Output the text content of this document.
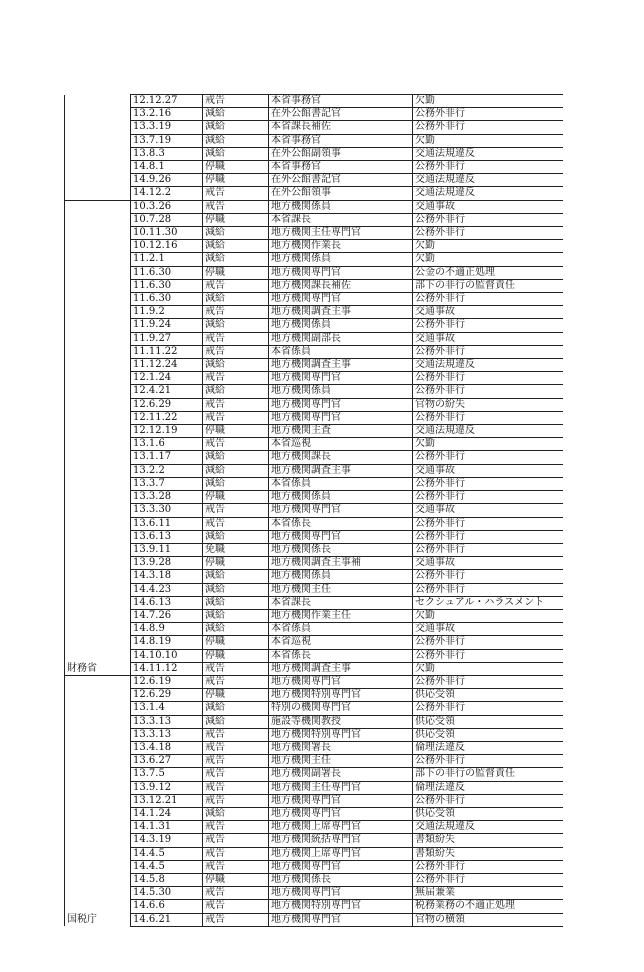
	12.12.27	戒告	本省事務官	欠勤
	13.2.16	減給	在外公館書記官	公務外非行
	13.3.19	減給	本省課長補佐	公務外非行
	13.7.19	減給	本省事務官	欠勤
	13.8.3	減給	在外公館副領事	交通法規違反
	14.8.1	停職	本省事務官	公務外非行
	14.9.26	停職	在外公館書記官	交通法規違反
	14.12.2	戒告	在外公館領事	交通法規違反

財務省	10.3.26	戒告	地方機関係員	交通事故
	10.7.28	停職	本省課長	公務外非行
	10.11.30	減給	地方機関主任専門官	公務外非行
	10.12.16	減給	地方機関作業長	欠勤
	11.2.1	減給	地方機関係員	欠勤
	11.6.30	停職	地方機関専門官	公金の不適正処理
	11.6.30	戒告	地方機関課長補佐	部下の非行の監督責任
	11.6.30	減給	地方機関専門官	公務外非行
	11.9.2	戒告	地方機関調査主事	交通事故
	11.9.24	減給	地方機関係員	公務外非行
	11.9.27	戒告	地方機関副部長	交通事故
	11.11.22	戒告	本省係員	公務外非行
	11.12.24	減給	地方機関調査主事	交通法規違反
	12.1.24	戒告	地方機関専門官	公務外非行
	12.4.21	減給	地方機関係員	公務外非行
	12.6.29	戒告	地方機関専門官	官物の紛失
	12.11.22	戒告	地方機関専門官	公務外非行
	12.12.19	停職	地方機関主査	交通法規違反
	13.1.6	戒告	本省巡視	欠勤
	13.1.17	減給	地方機関課長	公務外非行
	13.2.2	減給	地方機関調査主事	交通事故
	13.3.7	減給	本省係員	公務外非行
	13.3.28	停職	地方機関係員	公務外非行
	13.3.30	戒告	地方機関専門官	交通事故
	13.6.11	戒告	本省係長	公務外非行
	13.6.13	減給	地方機関専門官	公務外非行
	13.9.11	免職	地方機関係長	公務外非行
	13.9.28	停職	地方機関調査主事補	交通事故
	14.3.18	減給	地方機関係員	公務外非行
	14.4.23	減給	地方機関主任	公務外非行
	14.6.13	減給	本省課長	セクシュアル・ハラスメント
	14.7.26	減給	地方機関作業主任	欠勤
	14.8.9	減給	本省係員	交通事故
	14.8.19	停職	本省巡視	公務外非行
	14.10.10	停職	本省係長	公務外非行
	14.11.12	戒告	地方機関調査主事	欠勤

国税庁	12.6.19	戒告	地方機関専門官	公務外非行
	12.6.29	停職	地方機関特別専門官	供応受領
	13.1.4	減給	特別の機関専門官	公務外非行
	13.3.13	減給	施設等機関教授	供応受領
	13.3.13	戒告	地方機関特別専門官	供応受領
	13.4.18	戒告	地方機関署長	倫理法違反
	13.6.27	戒告	地方機関主任	公務外非行
	13.7.5	戒告	地方機関副署長	部下の非行の監督責任
	13.9.12	戒告	地方機関主任専門官	倫理法違反
	13.12.21	戒告	地方機関専門官	公務外非行
	14.1.24	減給	地方機関専門官	供応受領
	14.1.31	戒告	地方機関上席専門官	交通法規違反
	14.3.19	戒告	地方機関統括専門官	書類紛失
	14.4.5	戒告	地方機関上席専門官	書類紛失
	14.4.5	戒告	地方機関専門官	公務外非行
	14.5.8	停職	地方機関係長	公務外非行
	14.5.30	戒告	地方機関専門官	無届兼業
	14.6.6	戒告	地方機関特別専門官	税務業務の不適正処理
	14.6.21	戒告	地方機関専門官	官物の横領
